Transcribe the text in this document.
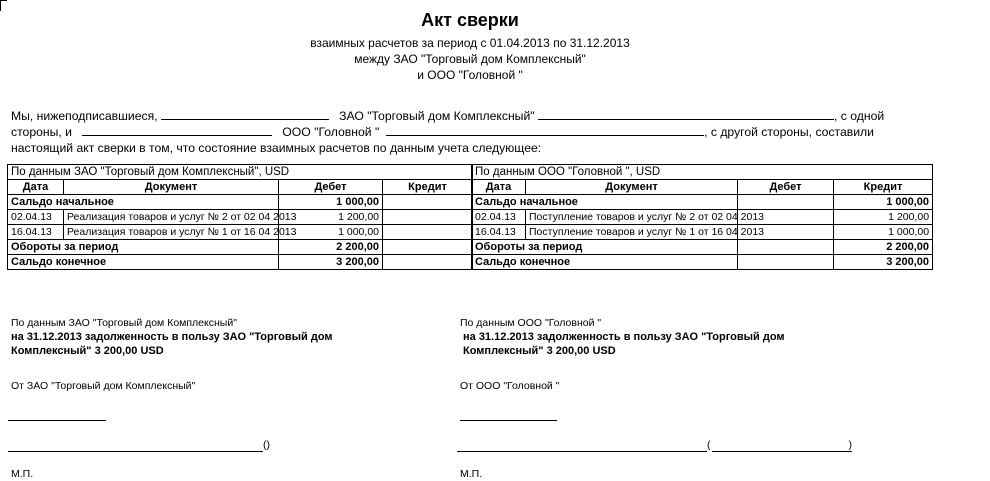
Акт сверки
взаимных расчетов за период с 01.04.2013 по 31.12.2013
между ЗАО "Торговый дом Комплексный"
и ООО "Головной "
Мы, нижеподписавшиеся,	ЗАО "Торговый дом Комплексный"	, с одной
стороны, и	ООО "Головной "	, с другой стороны, составили
настоящий акт сверки в том, что состояние взаимных расчетов по данным учета следующее:
По данным ЗАО "Торговый дом Комплексный", USD			
Дата	Документ	Дебет	Кредит
Сальдо начальное		1 000,00	
02.04.13	Реализация товаров и услуг № 2 от 02 04 2013	1 200,00	
16.04.13	Реализация товаров и услуг № 1 от 16 04 2013	1 000,00	
Обороты за период		2 200,00	
Сальдо конечное		3 200,00	
По данным ООО "Головной ", USD			
Дата	Документ	Дебет	Кредит
Сальдо начальное			1 000,00
02.04.13	Поступление товаров и услуг № 2 от 02 04 2013		1 200,00
16.04.13	Поступление товаров и услуг № 1 от 16 04 2013		1 000,00
Обороты за период			2 200,00
Сальдо конечное			3 200,00
По данным ЗАО "Торговый дом Комплексный"
на 31.12.2013 задолженность в пользу ЗАО "Торговый дом Комплексный" 3 200,00 USD
По данным ООО "Головной "
на 31.12.2013 задолженность в пользу ЗАО "Торговый дом Комплексный" 3 200,00 USD
От ЗАО "Торговый дом Комплексный"	От ООО "Головной "
()	()
М.П.	М.П.
